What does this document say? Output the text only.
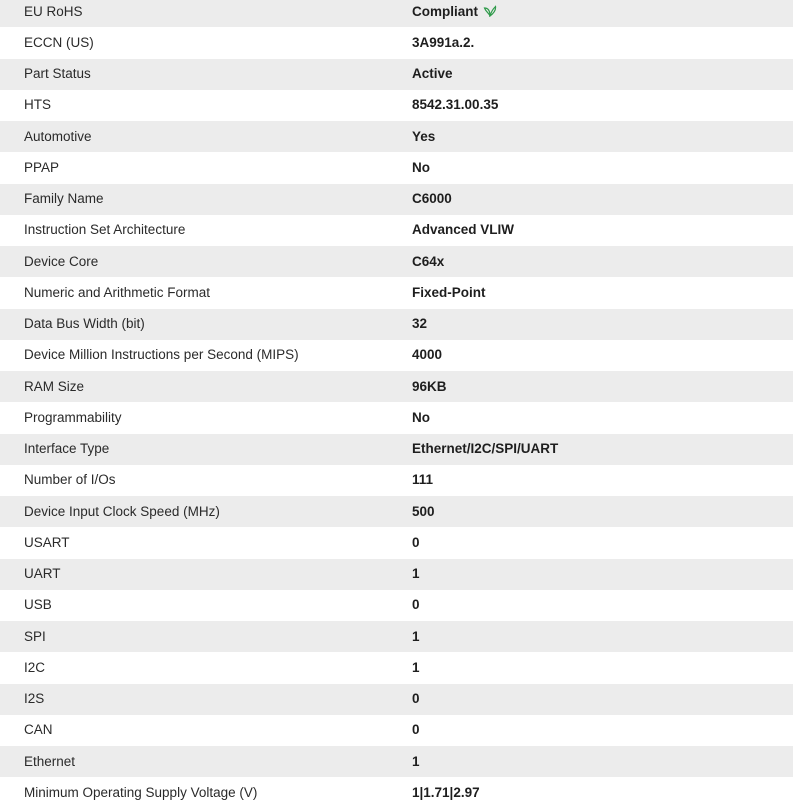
EU RoHS	Compliant
ECCN (US)	3A991a.2.
Part Status	Active
HTS	8542.31.00.35
Automotive	Yes
PPAP	No
Family Name	C6000
Instruction Set Architecture	Advanced VLIW
Device Core	C64x
Numeric and Arithmetic Format	Fixed-Point
Data Bus Width (bit)	32
Device Million Instructions per Second (MIPS)	4000
RAM Size	96KB
Programmability	No
Interface Type	Ethernet/I2C/SPI/UART
Number of I/Os	111
Device Input Clock Speed (MHz)	500
USART	0
UART	1
USB	0
SPI	1
I2C	1
I2S	0
CAN	0
Ethernet	1
Minimum Operating Supply Voltage (V)	1|1.71|2.97
